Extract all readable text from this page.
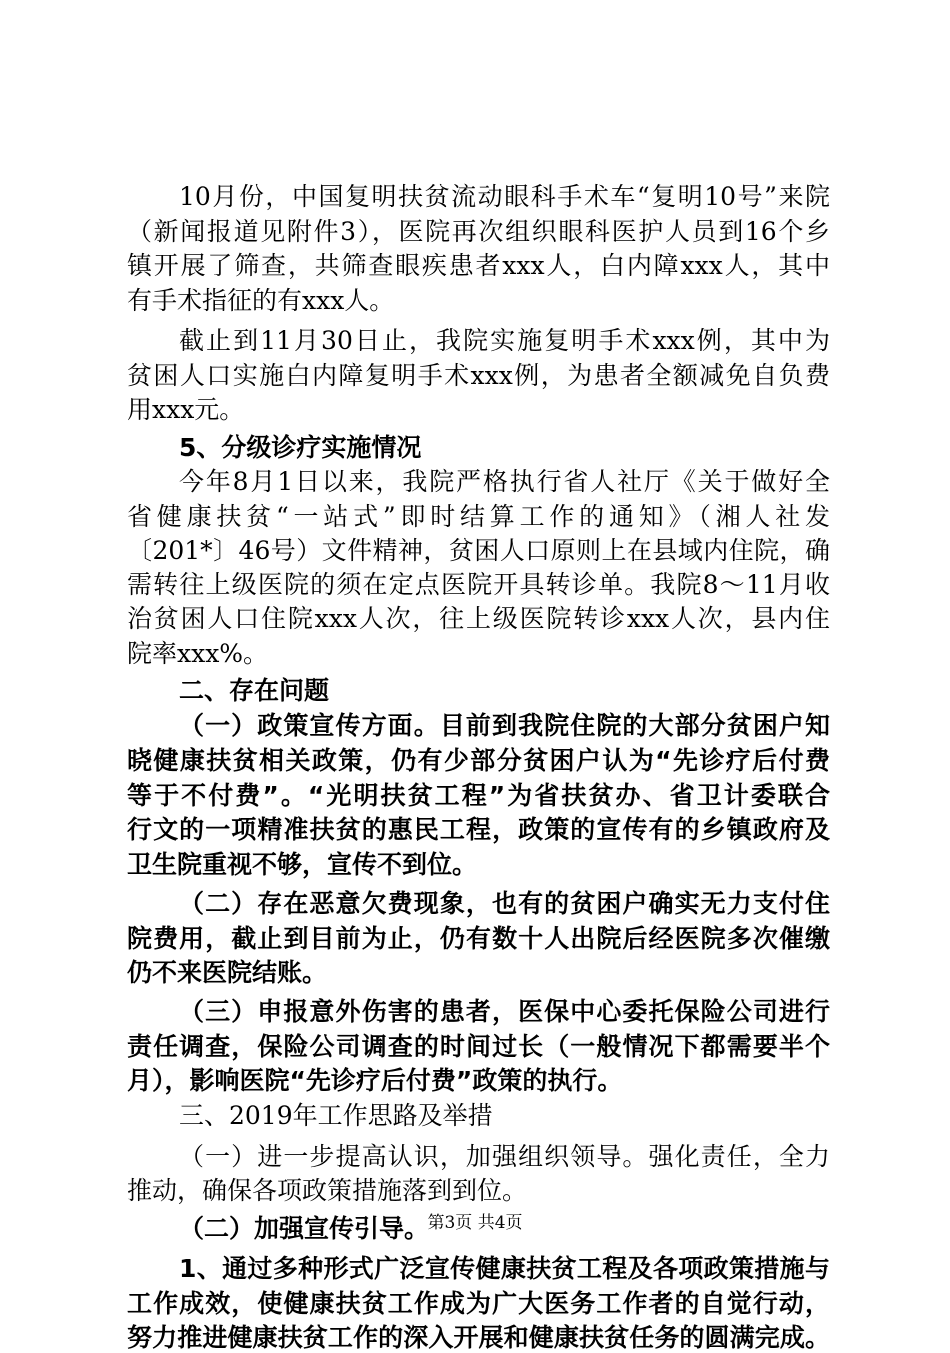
10月份，中国复明扶贫流动眼科手术车“复明10号”来院
（新闻报道见附件3），医院再次组织眼科医护人员到16个乡
镇开展了筛查，共筛查眼疾患者xxx人，白内障xxx人，其中
有手术指征的有xxx人。
截止到11月30日止，我院实施复明手术xxx例，其中为
贫困人口实施白内障复明手术xxx例，为患者全额减免自负费
用xxx元。
5、分级诊疗实施情况
今年8月1日以来，我院严格执行省人社厅《关于做好全
省健康扶贫“一站式”即时结算工作的通知》（湘人社发
〔201*〕46号）文件精神，贫困人口原则上在县域内住院，确
需转往上级医院的须在定点医院开具转诊单。我院8～11月收
治贫困人口住院xxx人次，往上级医院转诊xxx人次，县内住
院率xxx%。
二、存在问题
（一）政策宣传方面。目前到我院住院的大部分贫困户知
晓健康扶贫相关政策，仍有少部分贫困户认为“先诊疗后付费
等于不付费”。“光明扶贫工程”为省扶贫办、省卫计委联合
行文的一项精准扶贫的惠民工程，政策的宣传有的乡镇政府及
卫生院重视不够，宣传不到位。
（二）存在恶意欠费现象，也有的贫困户确实无力支付住
院费用，截止到目前为止，仍有数十人出院后经医院多次催缴
仍不来医院结账。
（三）申报意外伤害的患者，医保中心委托保险公司进行
责任调查，保险公司调查的时间过长（一般情况下都需要半个
月），影响医院“先诊疗后付费”政策的执行。
三、2019年工作思路及举措
（一）进一步提高认识，加强组织领导。强化责任，全力
推动，确保各项政策措施落到到位。
（二）加强宣传引导。
1、通过多种形式广泛宣传健康扶贫工程及各项政策措施与
工作成效，使健康扶贫工作成为广大医务工作者的自觉行动，
努力推进健康扶贫工作的深入开展和健康扶贫任务的圆满完成。
第3页 共4页
